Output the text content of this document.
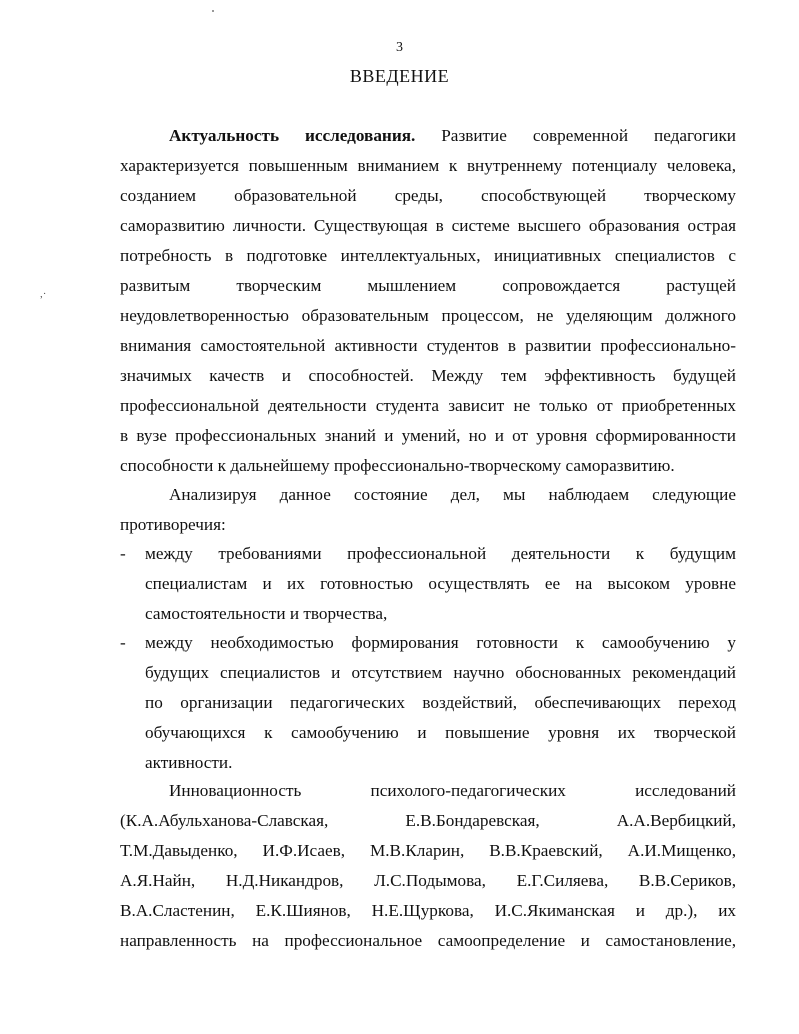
,·
3
ВВЕДЕНИЕ
Актуальность исследования. Развитие современной педагогики
характеризуется повышенным вниманием к внутреннему потенциалу человека,
созданием образовательной среды, способствующей творческому
саморазвитию личности. Существующая в системе высшего образования острая
потребность в подготовке интеллектуальных, инициативных специалистов с
развитым творческим мышлением сопровождается растущей
неудовлетворенностью образовательным процессом, не уделяющим должного
внимания самостоятельной активности студентов в развитии профессионально-
значимых качеств и способностей. Между тем эффективность будущей
профессиональной деятельности студента зависит не только от приобретенных
в вузе профессиональных знаний и умений, но и от уровня сформированности
способности к дальнейшему профессионально-творческому саморазвитию.
Анализируя данное состояние дел, мы наблюдаем следующие
противоречия:
- между требованиями профессиональной деятельности к будущим
специалистам и их готовностью осуществлять ее на высоком уровне
самостоятельности и творчества,
- между необходимостью формирования готовности к самообучению у
будущих специалистов и отсутствием научно обоснованных рекомендаций
по организации педагогических воздействий, обеспечивающих переход
обучающихся к самообучению и повышение уровня их творческой
активности.
Инновационность психолого-педагогических исследований
(К.А.Абульханова-Славская, Е.В.Бондаревская, А.А.Вербицкий,
Т.М.Давыденко, И.Ф.Исаев, М.В.Кларин, В.В.Краевский, А.И.Мищенко,
А.Я.Найн, Н.Д.Никандров, Л.С.Подымова, Е.Г.Силяева, В.В.Сериков,
В.А.Сластенин, Е.К.Шиянов, Н.Е.Щуркова, И.С.Якиманская и др.), их
направленность на профессиональное самоопределение и самостановление,
